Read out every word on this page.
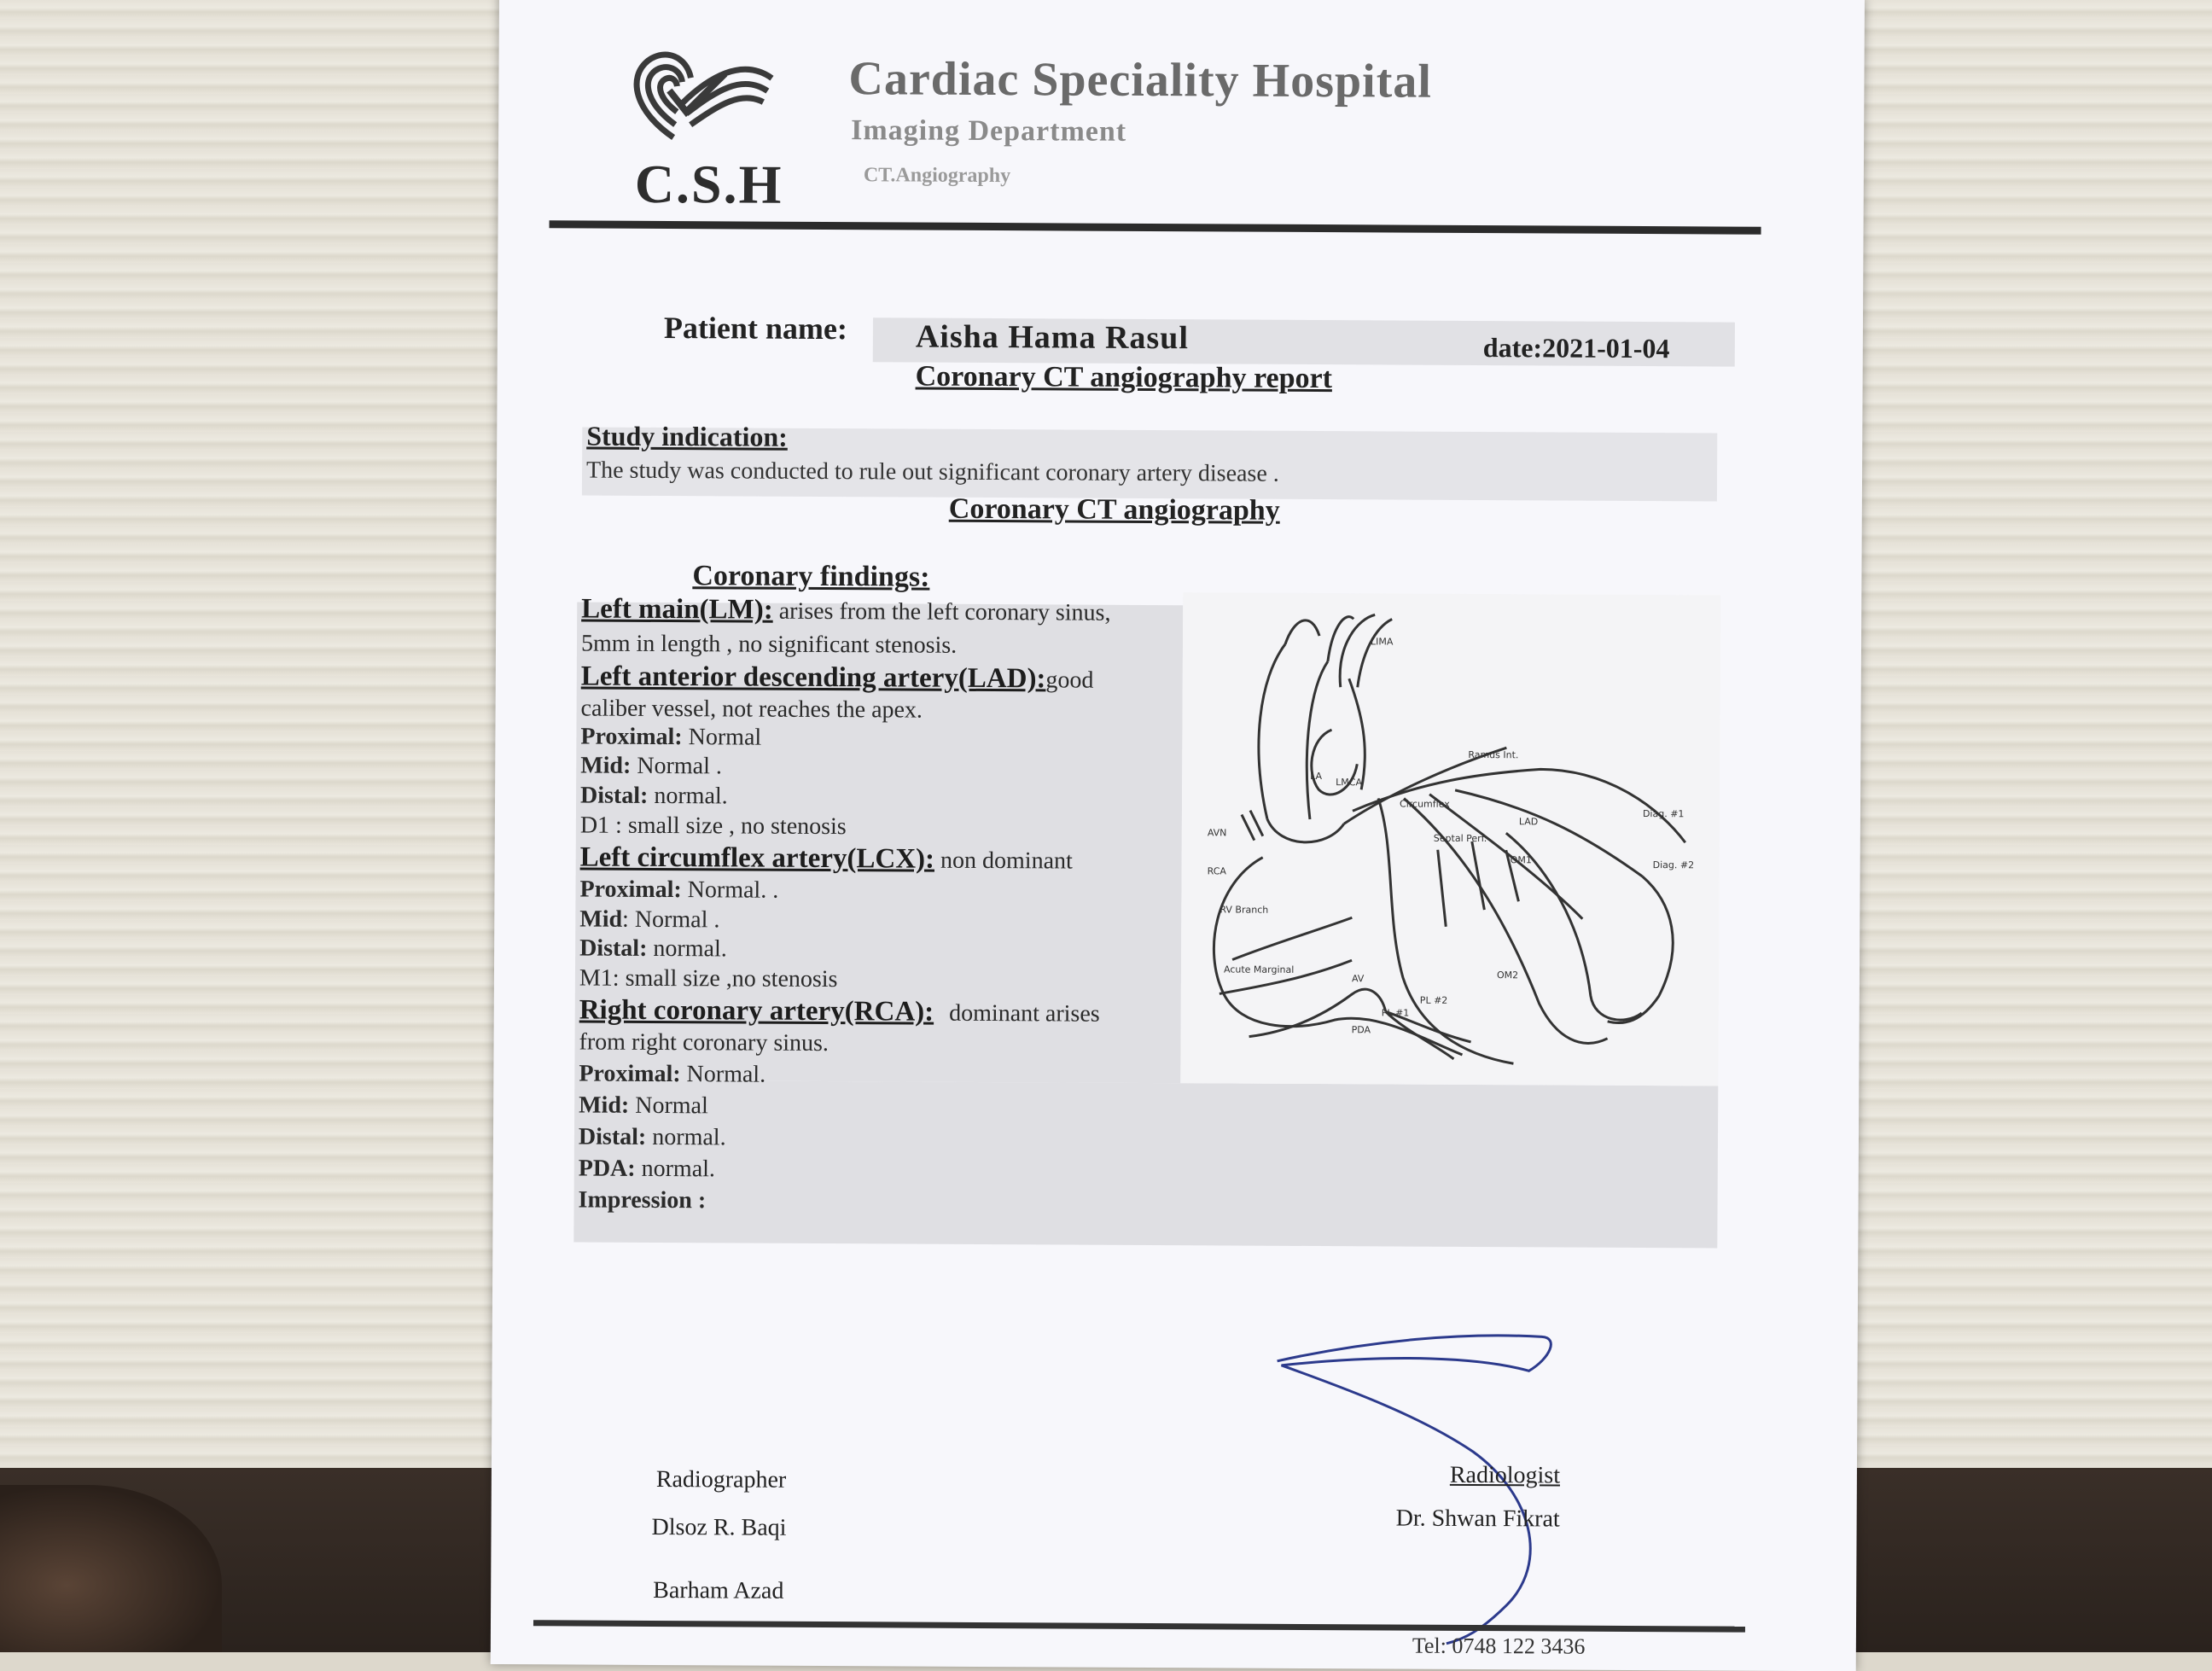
C.S.H
Cardiac Speciality Hospital
Imaging Department
CT.Angiography
Patient name: Aisha Hama Rasul	date:2021-01-04
Coronary CT angiography report
Study indication:
The study was conducted to rule out significant coronary artery disease .
Coronary CT angiography
Coronary findings:
Left main(LM): arises from the left coronary sinus,
5mm in length , no significant stenosis.
Left anterior descending artery(LAD):good
caliber vessel, not reaches the apex.
Proximal: Normal
Mid: Normal .
Distal: normal.
D1 : small size , no stenosis
Left circumflex artery(LCX): non dominant
Proximal: Normal. .
Mid: Normal .
Distal: normal.
M1: small size ,no stenosis
Right coronary artery(RCA): dominant arises
from right coronary sinus.
Proximal: Normal.
Mid: Normal
Distal: normal.
PDA: normal.
Impression :
LIMA
LA
LMCA
Ramus Int.
Diag. #1
Diag. #2
LAD
AVN
RCA
Circumflex
Septal Perf.
OM1
OM2
RV Branch
Acute Marginal
AV
PL #1
PL #2
PDA
Radiographer
Dlsoz R. Baqi
Barham Azad
Radiologist
Dr. Shwan Fikrat
Tel: 0748 122 3436
